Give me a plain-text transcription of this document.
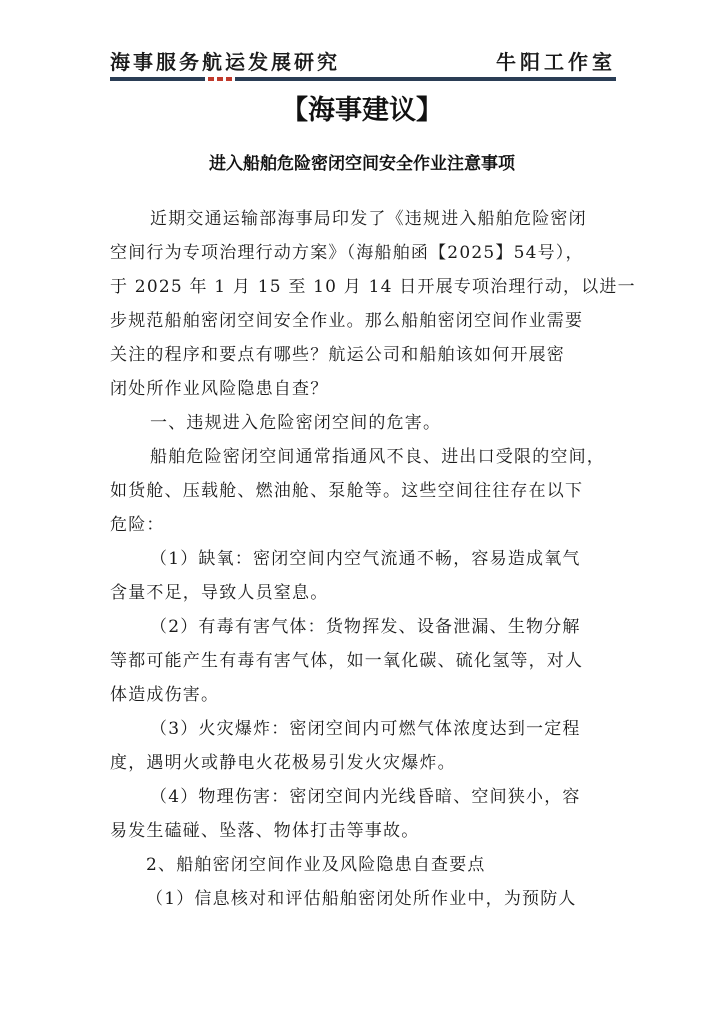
海事服务航运发展研究	牛阳工作室
【海事建议】
进入船舶危险密闭空间安全作业注意事项
近期交通运输部海事局印发了《违规进入船舶危险密闭
空间行为专项治理行动方案》（海船舶函【2025】54号），
于 2025 年 1 月 15 至 10 月 14 日开展专项治理行动，以进一
步规范船舶密闭空间安全作业。那么船舶密闭空间作业需要
关注的程序和要点有哪些？航运公司和船舶该如何开展密
闭处所作业风险隐患自查？
一、违规进入危险密闭空间的危害。
船舶危险密闭空间通常指通风不良、进出口受限的空间，
如货舱、压载舱、燃油舱、泵舱等。这些空间往往存在以下
危险：
（1）缺氧：密闭空间内空气流通不畅，容易造成氧气
含量不足，导致人员窒息。
（2）有毒有害气体：货物挥发、设备泄漏、生物分解
等都可能产生有毒有害气体，如一氧化碳、硫化氢等，对人
体造成伤害。
（3）火灾爆炸：密闭空间内可燃气体浓度达到一定程
度，遇明火或静电火花极易引发火灾爆炸。
（4）物理伤害：密闭空间内光线昏暗、空间狭小，容
易发生磕碰、坠落、物体打击等事故。
2、船舶密闭空间作业及风险隐患自查要点
（1）信息核对和评估船舶密闭处所作业中，为预防人
